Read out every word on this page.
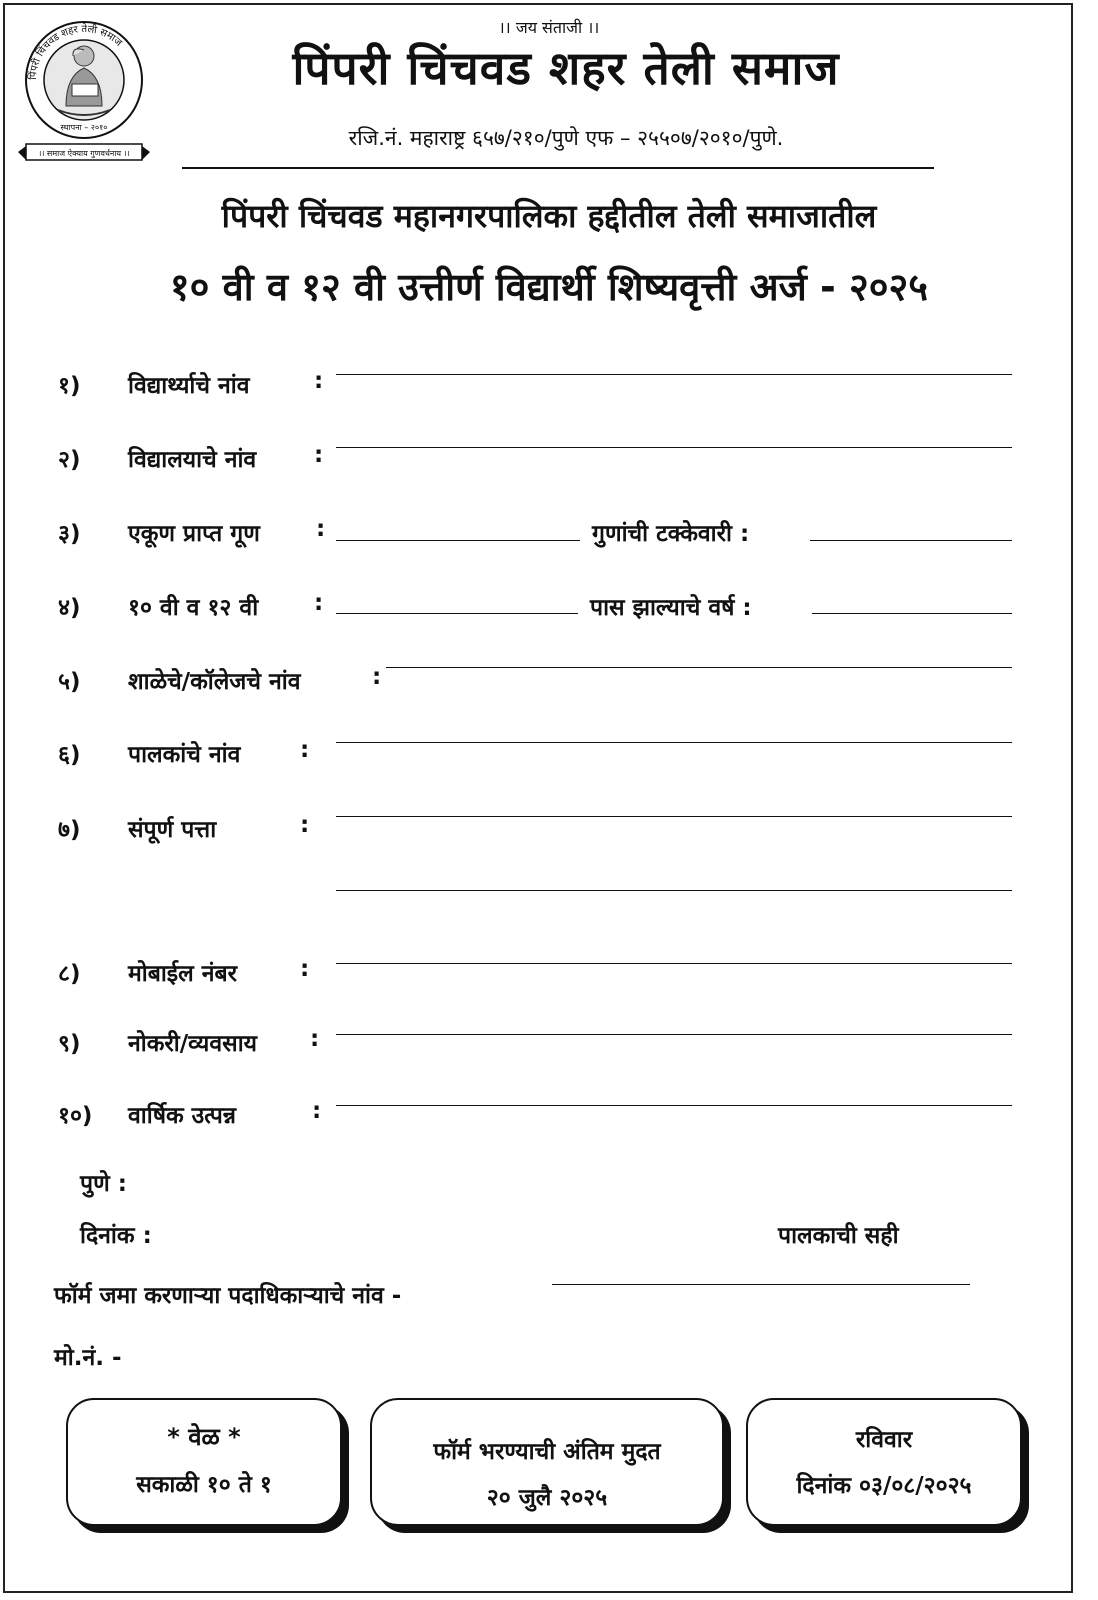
पिंपरी चिंचवड शहर तेली समाज
स्थापना – २०१०
।। समाज ऐक्याय गुणवर्धनाय ।।
।। जय संताजी ।।
पिंपरी चिंचवड शहर तेली समाज
रजि.नं. महाराष्ट्र ६५७/२१०/पुणे एफ – २५५०७/२०१०/पुणे.
पिंपरी चिंचवड महानगरपालिका हद्दीतील तेली समाजातील
१० वी व १२ वी उत्तीर्ण विद्यार्थी शिष्यवृत्ती अर्ज - २०२५
१) विद्यार्थ्याचे नांव	:
२) विद्यालयाचे नांव	:
३) एकूण प्राप्त गूण :	गुणांची टक्केवारी :
४) १० वी व १२ वी :	पास झाल्याचे वर्ष :
५) शाळेचे/कॉलेजचे नांव	:
६) पालकांचे नांव	:
७) संपूर्ण पत्ता	:
८) मोबाईल नंबर	:
९) नोकरी/व्यवसाय :
१०) वार्षिक उत्पन्न	:
पुणे :
दिनांक :	पालकाची सही
फॉर्म जमा करणाऱ्या पदाधिकाऱ्याचे नांव -
मो.नं. -
* वेळ *
सकाळी १० ते १
फॉर्म भरण्याची अंतिम मुदत
२० जुलै २०२५
रविवार
दिनांक ०३/०८/२०२५
